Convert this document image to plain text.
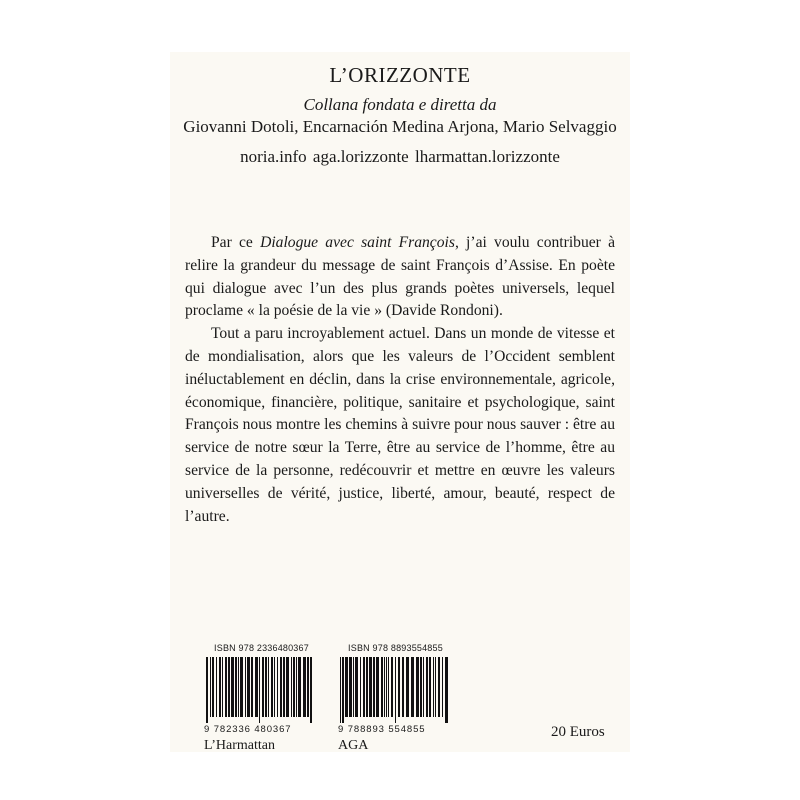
L’ORIZZONTE
Collana fondata e diretta da
Giovanni Dotoli, Encarnación Medina Arjona, Mario Selvaggio
noria.info aga.lorizzonte lharmattan.lorizzonte

Par ce Dialogue avec saint François, j’ai voulu contribuer à relire la grandeur du message de saint François d’Assise. En poète qui dialogue avec l’un des plus grands poètes universels, lequel proclame « la poésie de la vie » (Davide Rondoni).

Tout a paru incroyablement actuel. Dans un monde de vitesse et de mondialisation, alors que les valeurs de l’Occident semblent inéluctablement en déclin, dans la crise environnementale, agricole, économique, financière, politique, sanitaire et psychologique, saint François nous montre les chemins à suivre pour nous sauver : être au service de notre sœur la Terre, être au service de l’homme, être au service de la personne, redécouvrir et mettre en œuvre les valeurs universelles de vérité, justice, liberté, amour, beauté, respect de l’autre.

ISBN 978 2336480367
9 782336 480367
L’Harmattan
ISBN 978 8893554855
9 788893 554855
AGA
20 Euros
